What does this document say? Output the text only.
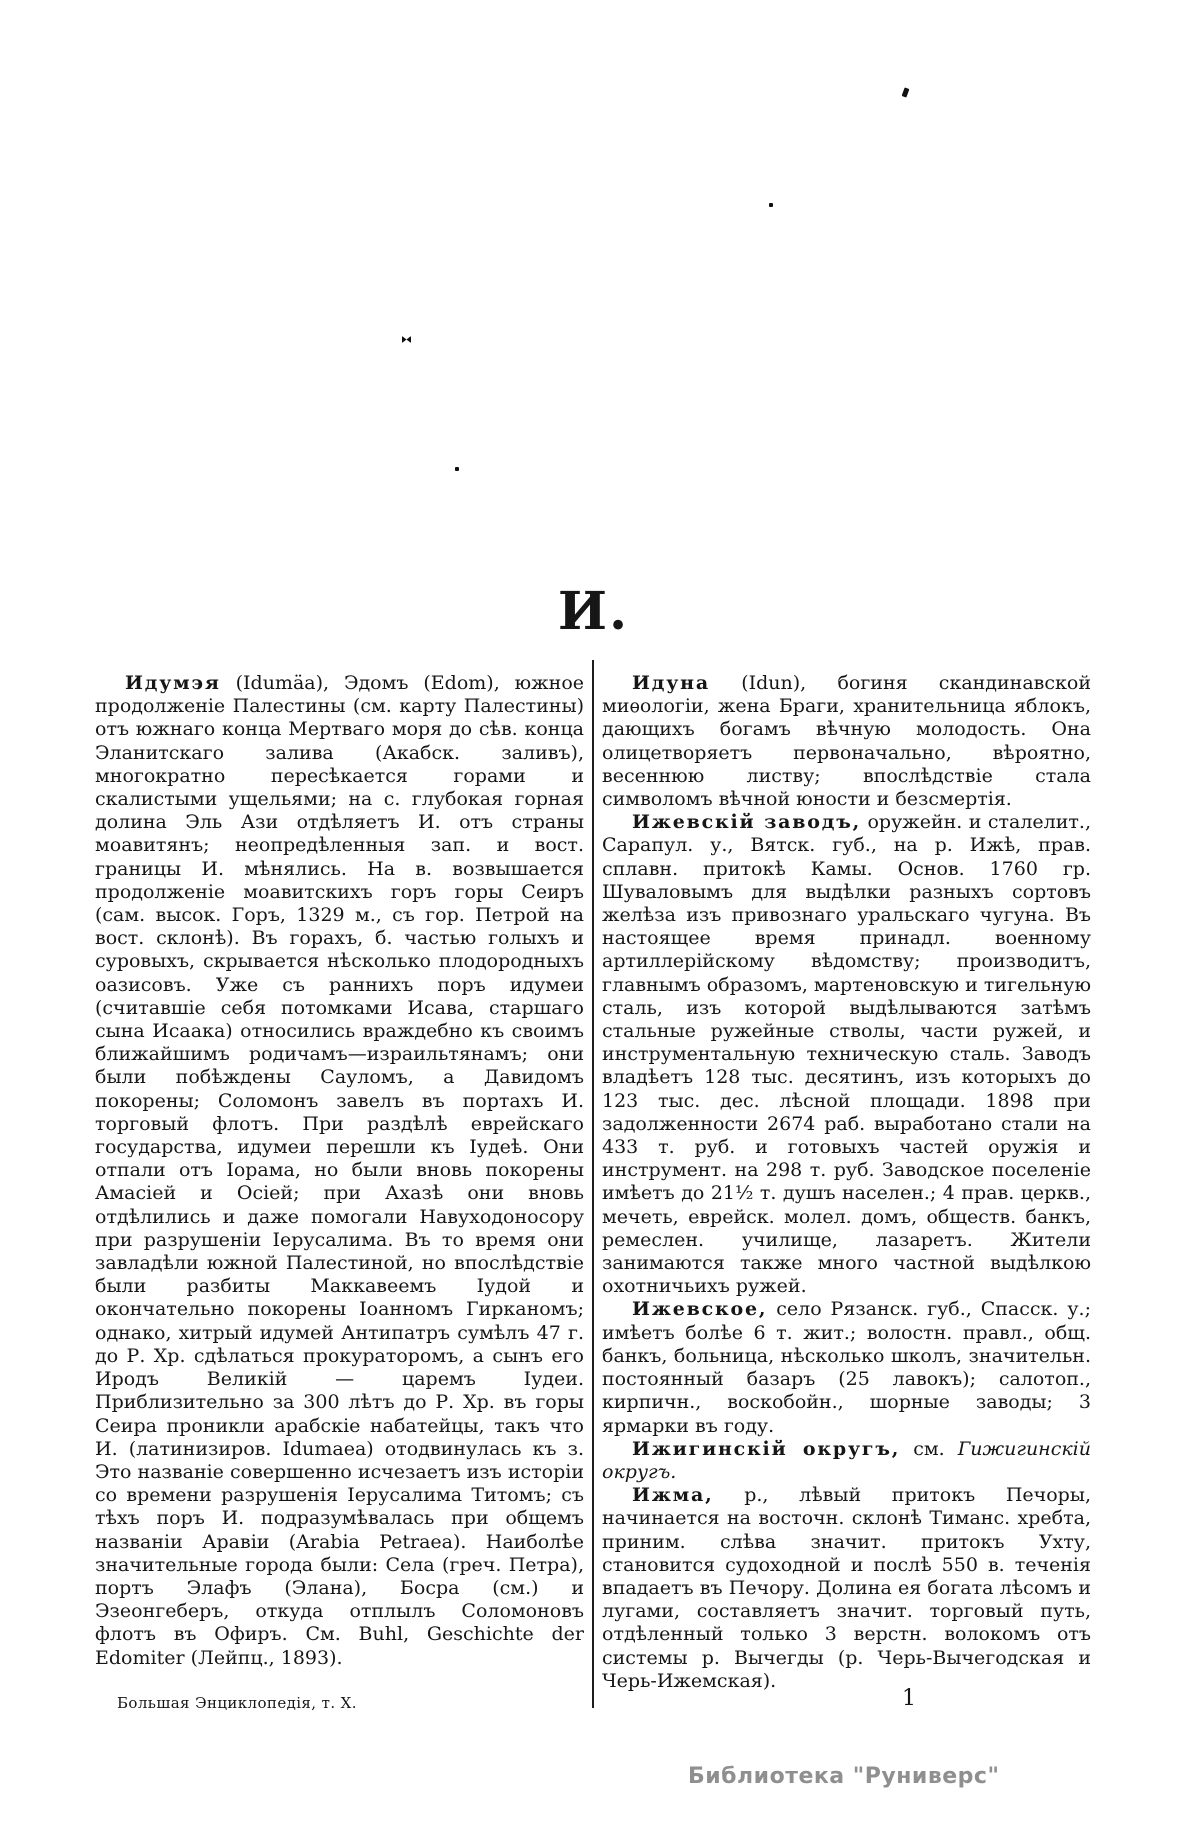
И.

Идумэя (Idumäa), Эдомъ (Edom), южное продолженіе Палестины (см. карту Палестины) отъ южнаго конца Мертваго моря до сѣв. конца Эланитскаго залива (Акабск. заливъ), многократно пересѣкается горами и скалистыми ущельями; на с. глубокая горная долина Эль Ази отдѣляетъ И. отъ страны моавитянъ; неопредѣленныя зап. и вост. границы И. мѣнялись. На в. возвышается продолженіе моавитскихъ горъ горы Сеиръ (сам. высок. Горъ, 1329 м., съ гор. Петрой на вост. склонѣ). Въ горахъ, б. частью голыхъ и суровыхъ, скрывается нѣсколько плодородныхъ оазисовъ. Уже съ раннихъ поръ идумеи (считавшіе себя потомками Исава, старшаго сына Исаака) относились враждебно къ своимъ ближайшимъ родичамъ—израильтянамъ; они были побѣждены Сауломъ, а Давидомъ покорены; Соломонъ завелъ въ портахъ И. торговый флотъ. При раздѣлѣ еврейскаго государства, идумеи перешли къ Іудеѣ. Они отпали отъ Іорама, но были вновь покорены Амасіей и Осіей; при Ахазѣ они вновь отдѣлились и даже помогали Навуходоносору при разрушеніи Іерусалима. Въ то время они завладѣли южной Палестиной, но впослѣдствіе были разбиты Маккавеемъ Іудой и окончательно покорены Іоанномъ Гирканомъ; однако, хитрый идумей Антипатръ сумѣлъ 47 г. до Р. Хр. сдѣлаться прокураторомъ, а сынъ его Иродъ Великій — царемъ Іудеи. Приблизительно за 300 лѣтъ до Р. Хр. въ горы Сеира проникли арабскіе набатейцы, такъ что И. (латинизиров. Idumaea) отодвинулась къ з. Это названіе совершенно исчезаетъ изъ исторіи со времени разрушенія Іерусалима Титомъ; съ тѣхъ поръ И. подразумѣвалась при общемъ названіи Аравіи (Arabia Petraea). Наиболѣе значительные города были: Села (греч. Петра), портъ Элафъ (Элана), Босра (см.) и Эзеонгеберъ, откуда отплылъ Соломоновъ флотъ въ Офиръ. См. Buhl, Geschichte der Edomiter (Лейпц., 1893).

Идуна (Idun), богиня скандинавской миѳологіи, жена Браги, хранительница яблокъ, дающихъ богамъ вѣчную молодость. Она олицетворяетъ первоначально, вѣроятно, весеннюю листву; впослѣдствіе стала символомъ вѣчной юности и безсмертія.

Ижевскій заводъ, оружейн. и сталелит., Сарапул. у., Вятск. губ., на р. Ижѣ, прав. сплавн. притокѣ Камы. Основ. 1760 гр. Шуваловымъ для выдѣлки разныхъ сортовъ желѣза изъ привознаго уральскаго чугуна. Въ настоящее время принадл. военному артиллерійскому вѣдомству; производитъ, главнымъ образомъ, мартеновскую и тигельную сталь, изъ которой выдѣлываются затѣмъ стальные ружейные стволы, части ружей, и инструментальную техническую сталь. Заводъ владѣетъ 128 тыс. десятинъ, изъ которыхъ до 123 тыс. дес. лѣсной площади. 1898 при задолженности 2674 раб. выработано стали на 433 т. руб. и готовыхъ частей оружія и инструмент. на 298 т. руб. Заводское поселеніе имѣетъ до 21½ т. душъ населен.; 4 прав. церкв., мечеть, еврейск. молел. домъ, обществ. банкъ, ремеслен. училище, лазаретъ. Жители занимаются также много частной выдѣлкою охотничьихъ ружей.

Ижевское, село Рязанск. губ., Спасск. у.; имѣетъ болѣе 6 т. жит.; волостн. правл., общ. банкъ, больница, нѣсколько школъ, значительн. постоянный базаръ (25 лавокъ); салотоп., кирпичн., воскобойн., шорные заводы; 3 ярмарки въ году.

Ижигинскій округъ, см. Гижигинскій округъ.

Ижма, р., лѣвый притокъ Печоры, начинается на восточн. склонѣ Тиманс. хребта, приним. слѣва значит. притокъ Ухту, становится судоходной и послѣ 550 в. теченія впадаетъ въ Печору. Долина ея богата лѣсомъ и лугами, составляетъ значит. торговый путь, отдѣленный только 3 верстн. волокомъ отъ системы р. Вычегды (р. Черь-Вычегодская и Черь-Ижемская).

Большая Энциклопедія, т. X.	1
Библиотека "Руниверс"
